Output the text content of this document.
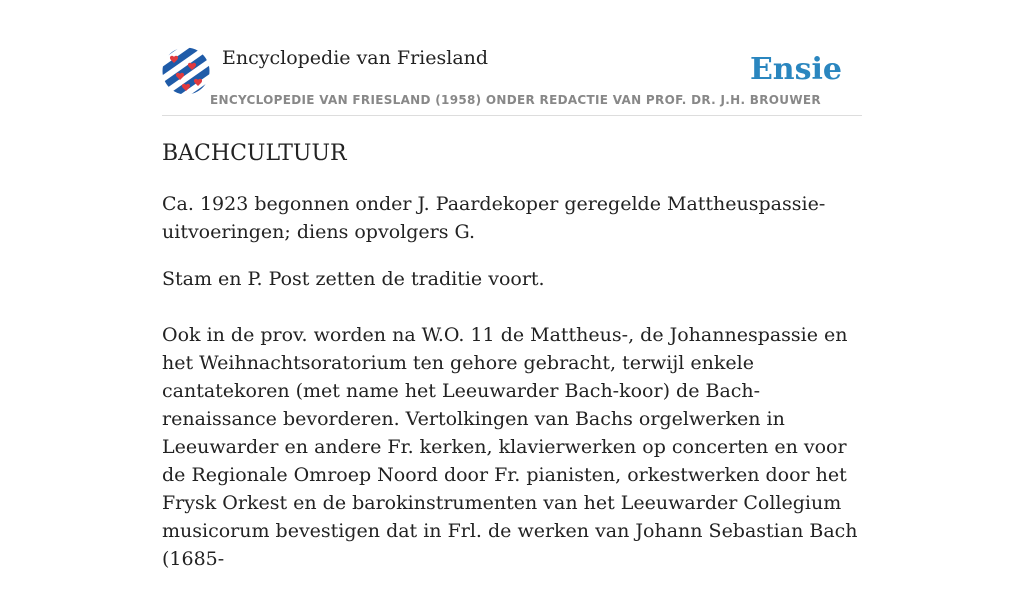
Encyclopedie van Friesland
ENCYCLOPEDIE VAN FRIESLAND (1958) ONDER REDACTIE VAN PROF. DR. J.H. BROUWER
Ensie
BACHCULTUUR

Ca. 1923 begonnen onder J. Paardekoper geregelde Mattheuspassie-uitvoeringen; diens opvolgers G.

Stam en P. Post zetten de traditie voort.

Ook in de prov. worden na W.O. 11 de Mattheus-, de Johannespassie en het Weihnachtsoratorium ten gehore gebracht, terwijl enkele cantatekoren (met name het Leeuwarder Bach-koor) de Bach-renaissance bevorderen. Vertolkingen van Bachs orgelwerken in Leeuwarder en andere Fr. kerken, klavierwerken op concerten en voor de Regionale Omroep Noord door Fr. pianisten, orkestwerken door het Frysk Orkest en de barokinstrumenten van het Leeuwarder Collegium musicorum bevestigen dat in Frl. de werken van Johann Sebastian Bach (1685-
